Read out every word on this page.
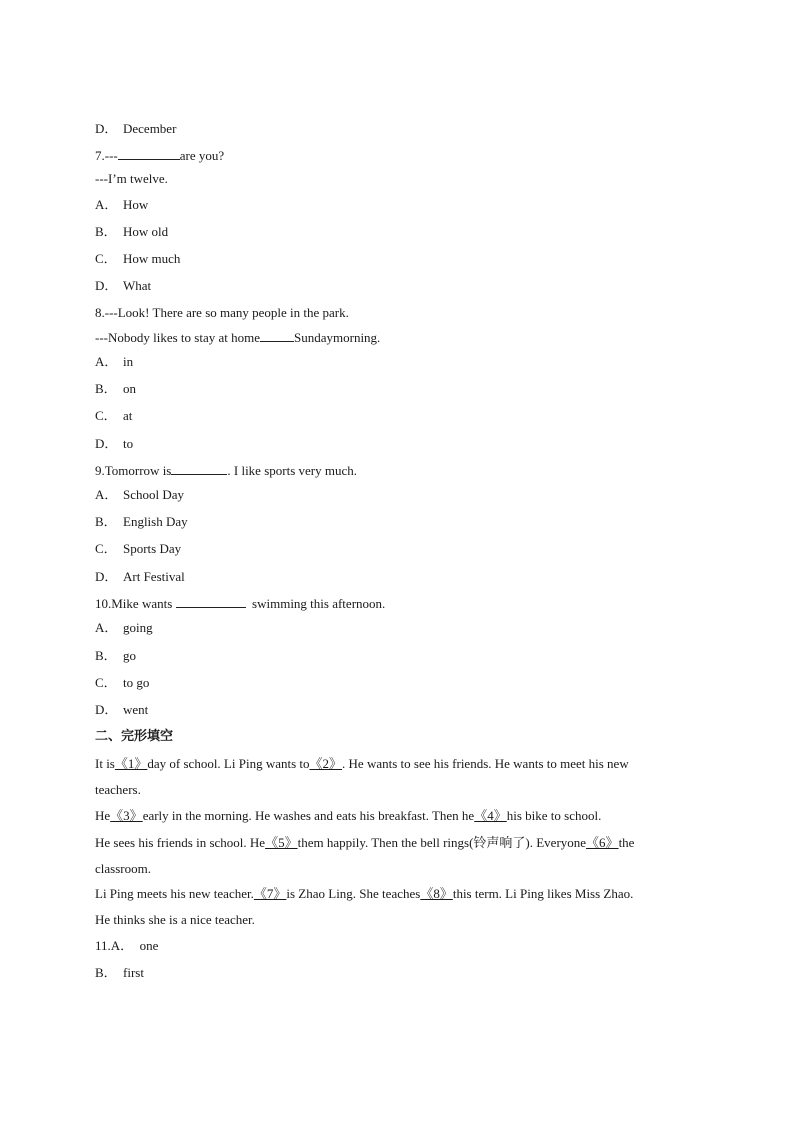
D． December
7.---	are you?
---I’m twelve.
A． How
B． How old
C． How much
D． What
8.---Look! There are so many people in the park.
---Nobody likes to stay at home	Sundaymorning.
A． in
B． on
C． at
D． to
9.Tomorrow is	. I like sports very much.
A． School Day
B． English Day
C． Sports Day
D． Art Festival
10.Mike wants	swimming this afternoon.
A． going
B． go
C． to go
D． went
二、完形填空
It is《1》day of school. Li Ping wants to《2》. He wants to see his friends. He wants to meet his new
teachers.
He《3》early in the morning. He washes and eats his breakfast. Then he《4》his bike to school.
He sees his friends in school. He《5》them happily. Then the bell rings(铃声响了). Everyone《6》the
classroom.
Li Ping meets his new teacher.《7》is Zhao Ling. She teaches《8》this term. Li Ping likes Miss Zhao.
He thinks she is a nice teacher.
11.A． one
B． first
